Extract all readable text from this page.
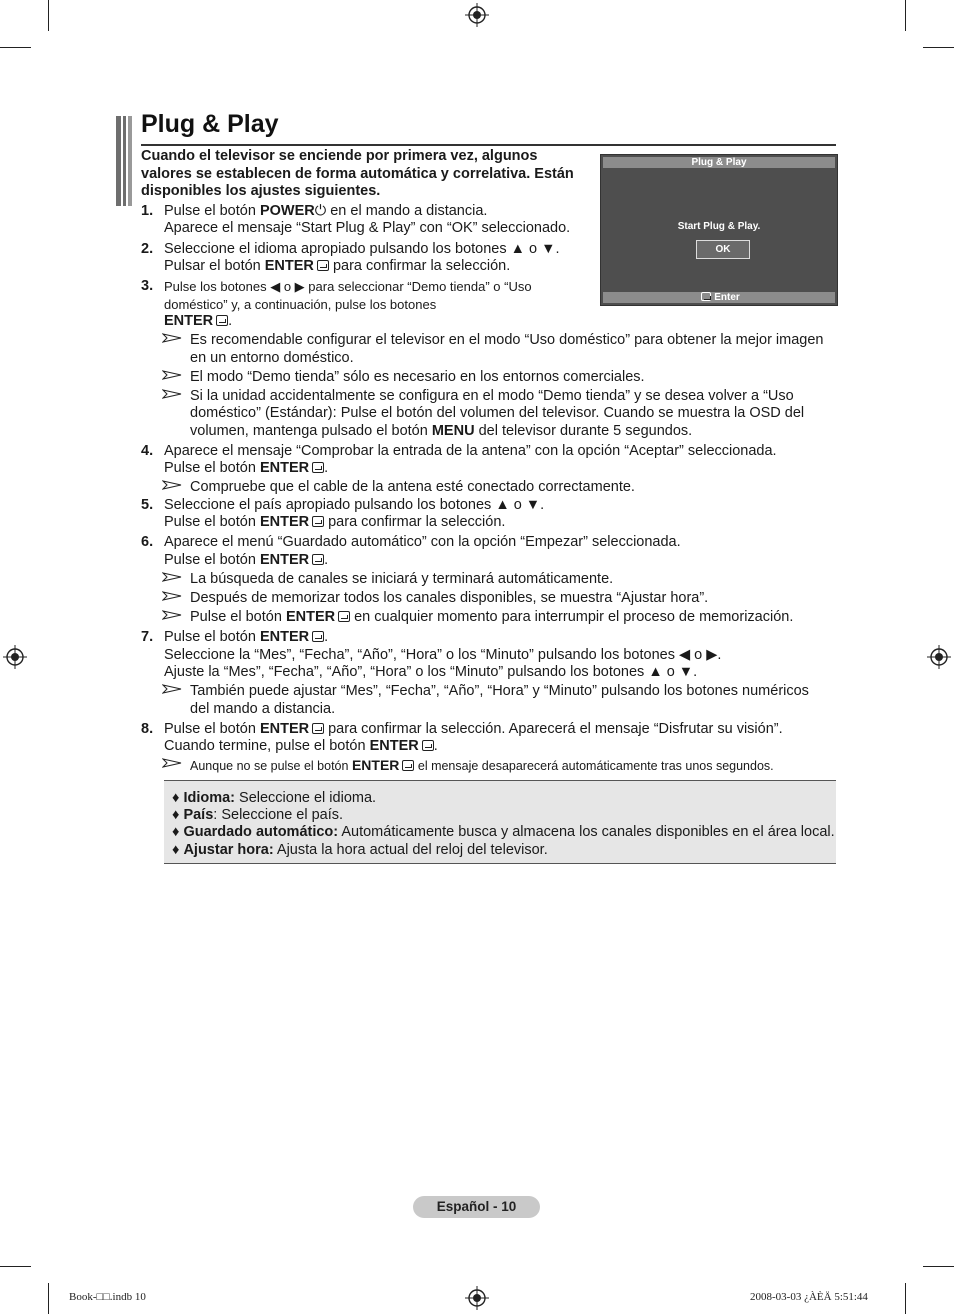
Plug & Play
Cuando el televisor se enciende por primera vez, algunos valores se establecen de forma automática y correlativa. Están disponibles los ajustes siguientes.
Plug & Play
Start Plug & Play.
OK
Enter
1. Pulse el botón POWER⏻ en el mando a distancia.
Aparece el mensaje “Start Plug & Play” con “OK” seleccionado.
2. Seleccione el idioma apropiado pulsando los botones ▲ o ▼.
Pulsar el botón ENTER para confirmar la selección.
3. Pulse los botones ◀ o ▶ para seleccionar “Demo tienda” o “Uso
doméstico” y, a continuación, pulse los botones
ENTER .
Es recomendable configurar el televisor en el modo “Uso doméstico” para obtener la mejor imagen
en un entorno doméstico.
El modo “Demo tienda” sólo es necesario en los entornos comerciales.
Si la unidad accidentalmente se configura en el modo “Demo tienda” y se desea volver a “Uso
doméstico” (Estándar): Pulse el botón del volumen del televisor. Cuando se muestra la OSD del
volumen, mantenga pulsado el botón MENU del televisor durante 5 segundos.
4. Aparece el mensaje “Comprobar la entrada de la antena” con la opción “Aceptar” seleccionada.
Pulse el botón ENTER .
Compruebe que el cable de la antena esté conectado correctamente.
5. Seleccione el país apropiado pulsando los botones ▲ o ▼.
Pulse el botón ENTER para confirmar la selección.
6. Aparece el menú “Guardado automático” con la opción “Empezar” seleccionada.
Pulse el botón ENTER .
La búsqueda de canales se iniciará y terminará automáticamente.
Después de memorizar todos los canales disponibles, se muestra “Ajustar hora”.
Pulse el botón ENTER en cualquier momento para interrumpir el proceso de memorización.
7. Pulse el botón ENTER .
Seleccione la “Mes”, “Fecha”, “Año”, “Hora” o los “Minuto” pulsando los botones ◀ o ▶.
Ajuste la “Mes”, “Fecha”, “Año”, “Hora” o los “Minuto” pulsando los botones ▲ o ▼.
También puede ajustar “Mes”, “Fecha”, “Año”, “Hora” y “Minuto” pulsando los botones numéricos
del mando a distancia.
8. Pulse el botón ENTER para confirmar la selección. Aparecerá el mensaje “Disfrutar su visión”.
Cuando termine, pulse el botón ENTER .
Aunque no se pulse el botón ENTER el mensaje desaparecerá automáticamente tras unos segundos.
♦ Idioma: Seleccione el idioma.
♦ País: Seleccione el país.
♦ Guardado automático: Automáticamente busca y almacena los canales disponibles en el área local.
♦ Ajustar hora: Ajusta la hora actual del reloj del televisor.
Español - 10
Book-□□.indb 10	2008-03-03 ¿ÀÈÄ 5:51:44
